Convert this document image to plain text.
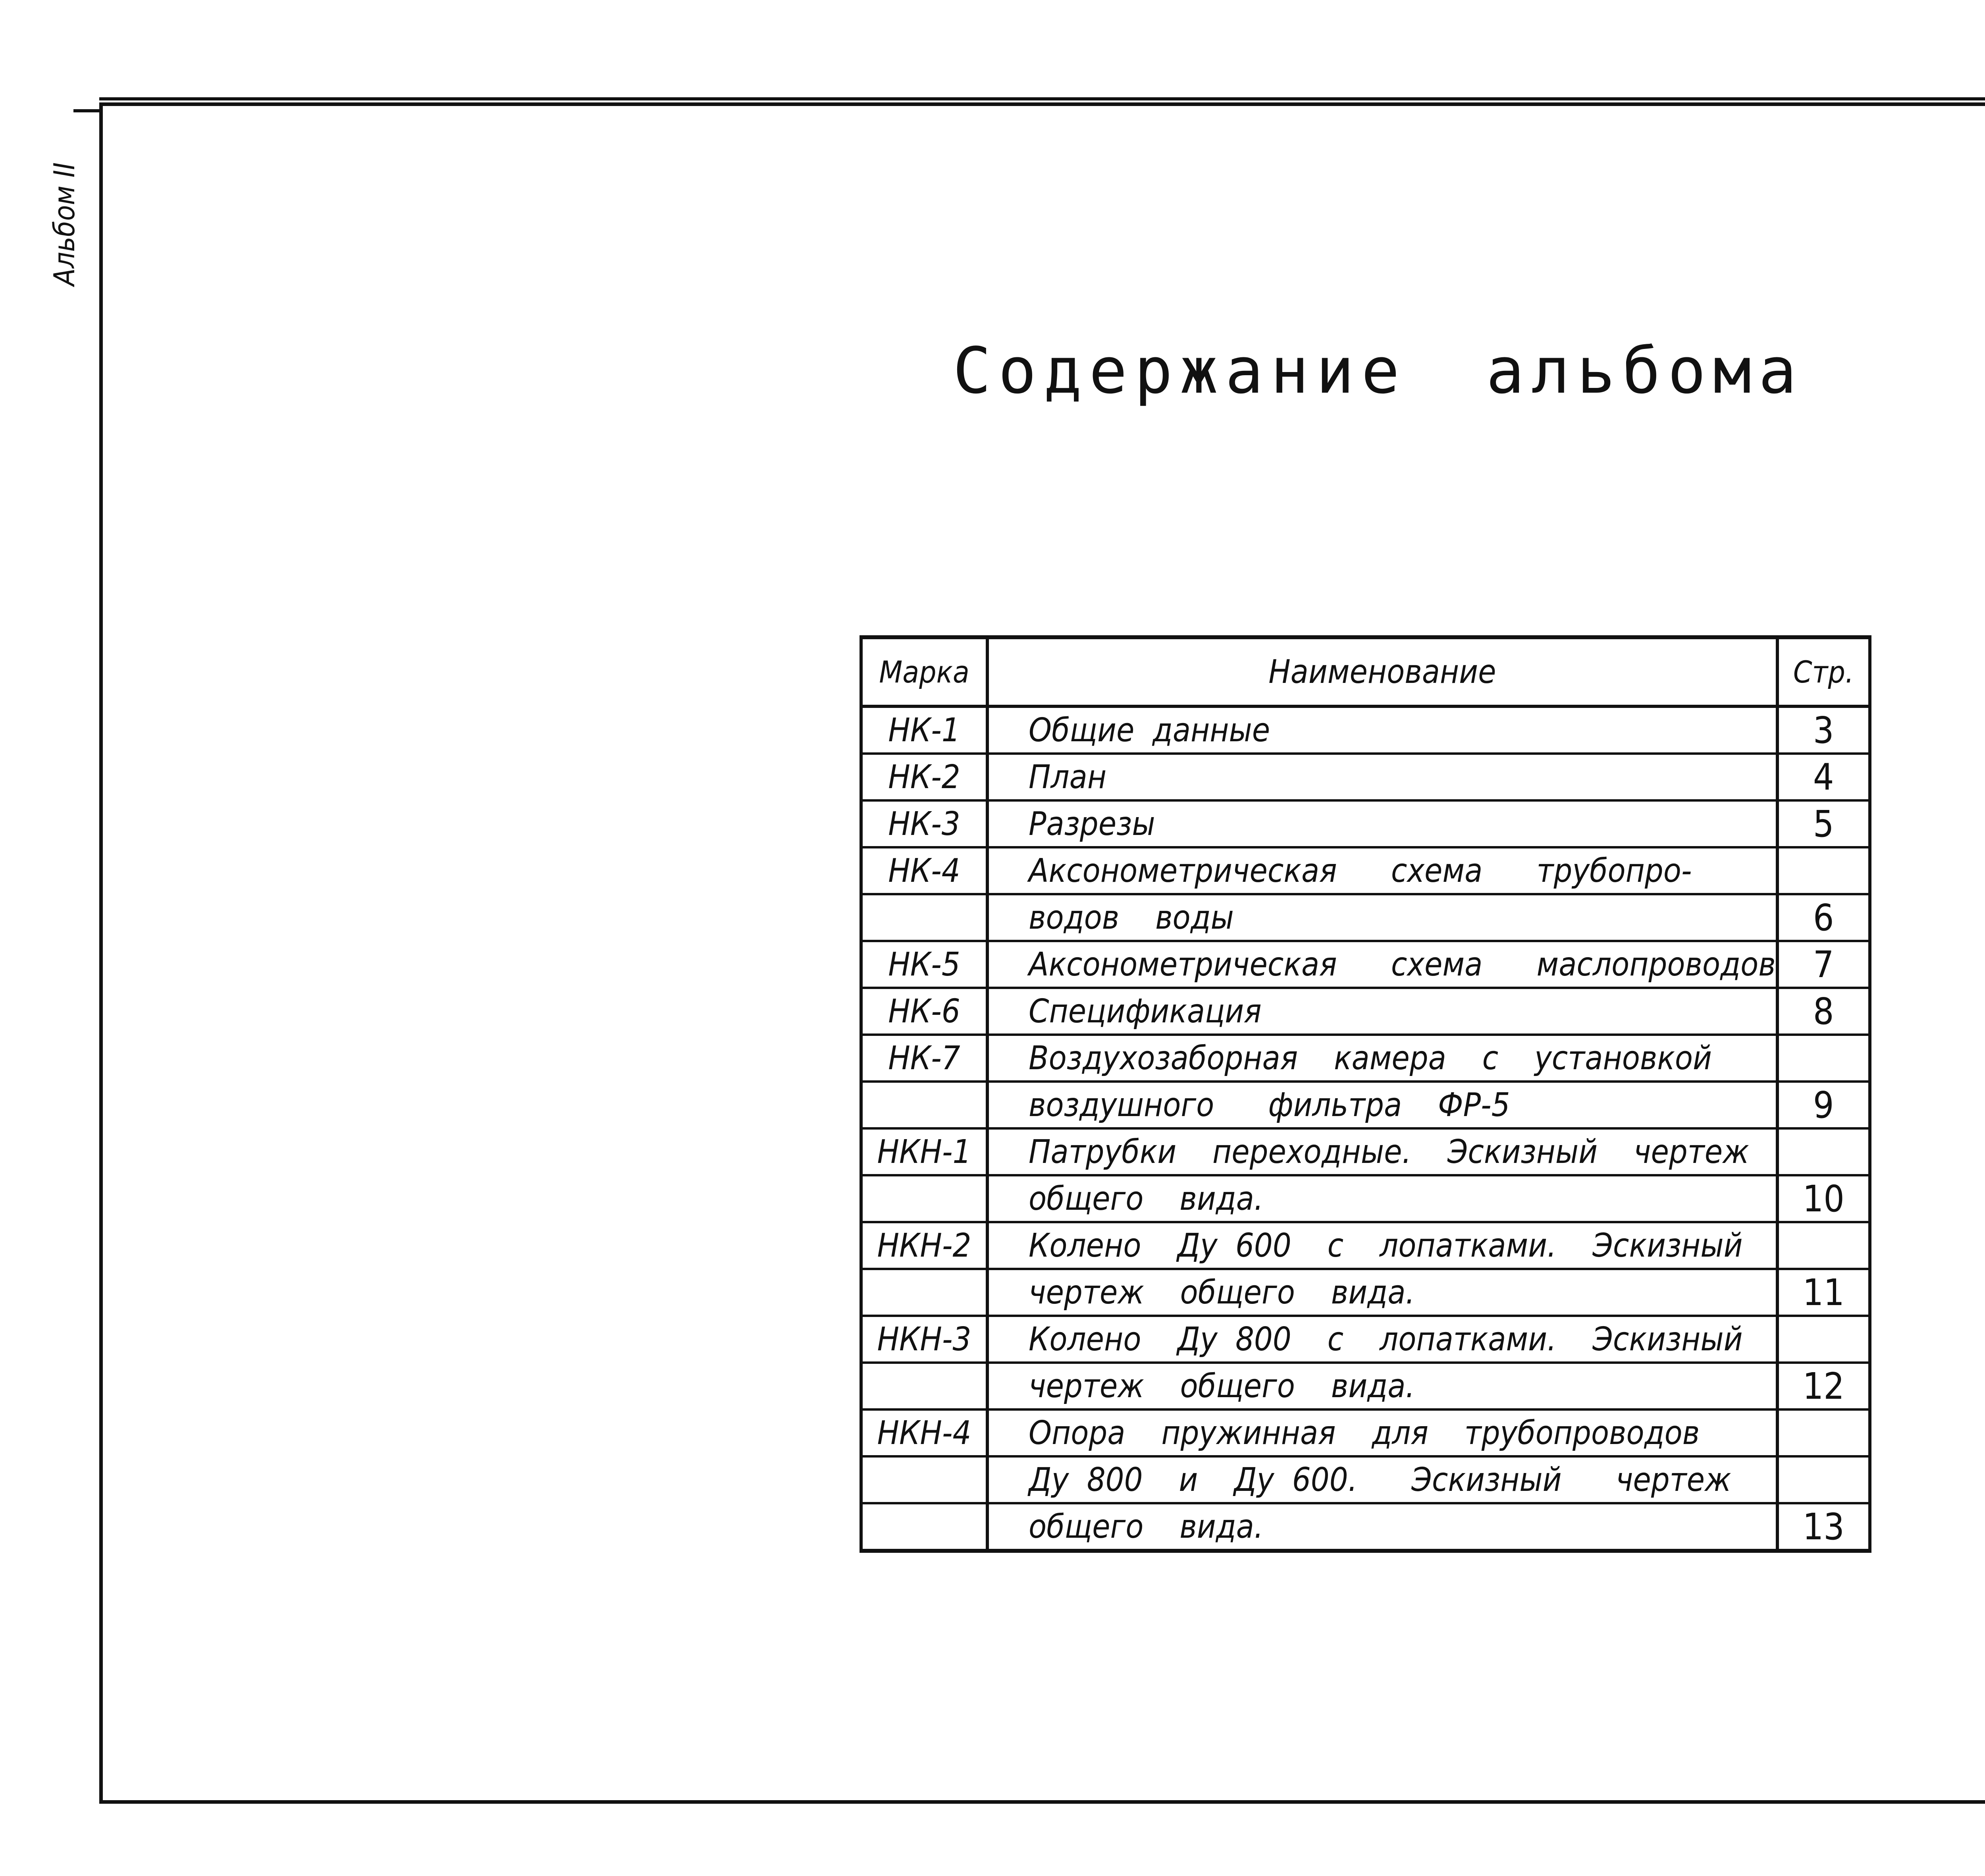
Альбом II
Содержание альбома
Марка	Наименование	Стр.
НК-1	Общие данные	3
НК-2	План	4
НК-3	Разрезы	5
НК-4	Аксонометрическая   схема   трубопро-	
	водов  воды	6
НК-5	Аксонометрическая   схема   маслопроводов	7
НК-6	Спецификация	8
НК-7	Воздухозаборная  камера  с  установкой	
	воздушного   фильтра  ФР-5	9
НКН-1	Патрубки  переходные.  Эскизный  чертеж	
	общего  вида.	10
НКН-2	Колено  Ду 600  с  лопатками.  Эскизный	
	чертеж  общего  вида.	11
НКН-3	Колено  Ду 800  с  лопатками.  Эскизный	
	чертеж  общего  вида.	12
НКН-4	Опора  пружинная  для  трубопроводов	
	Ду 800  и  Ду 600.   Эскизный   чертеж	
	общего  вида.	13
